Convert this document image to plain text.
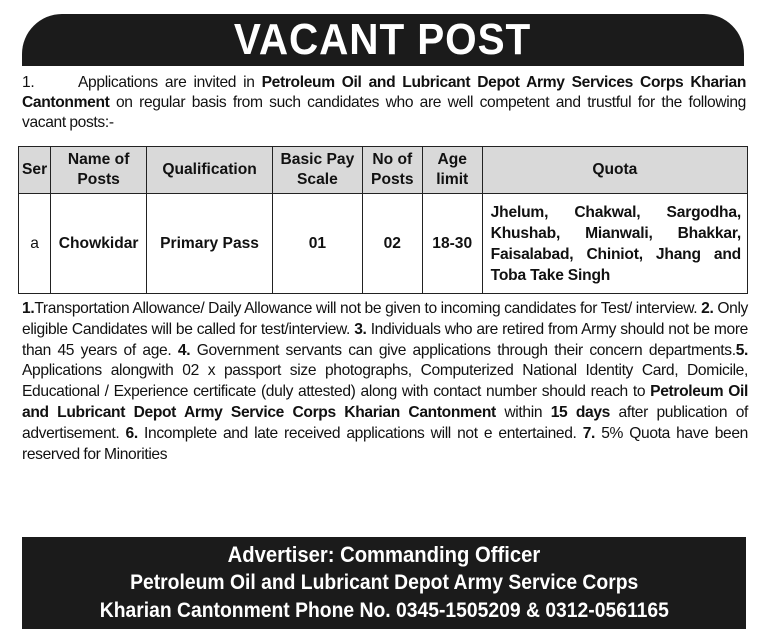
VACANT POST

1.	Applications are invited in Petroleum Oil and Lubricant Depot Army Services Corps Kharian Cantonment on regular basis from such candidates who are well competent and trustful for the following vacant posts:-

Ser	Name of Posts	Qualification	Basic Pay Scale	No of Posts	Age limit	Quota
a	Chowkidar	Primary Pass	01	02	18-30	Jhelum, Chakwal, Sargodha, Khushab, Mianwali, Bhakkar, Faisalabad, Chiniot, Jhang and Toba Take Singh

1.Transportation Allowance/ Daily Allowance will not be given to incoming candidates for Test/ interview. 2. Only eligible Candidates will be called for test/interview. 3. Individuals who are retired from Army should not be more than 45 years of age. 4. Government servants can give applications through their concern departments.5. Applications alongwith 02 x passport size photographs, Computerized National Identity Card, Domicile, Educational / Experience certificate (duly attested) along with contact number should reach to Petroleum Oil and Lubricant Depot Army Service Corps Kharian Cantonment within 15 days after publication of advertisement. 6. Incomplete and late received applications will not e entertained. 7. 5% Quota have been reserved for Minorities

Advertiser: Commanding Officer
Petroleum Oil and Lubricant Depot Army Service Corps
Kharian Cantonment Phone No. 0345-1505209 & 0312-0561165
